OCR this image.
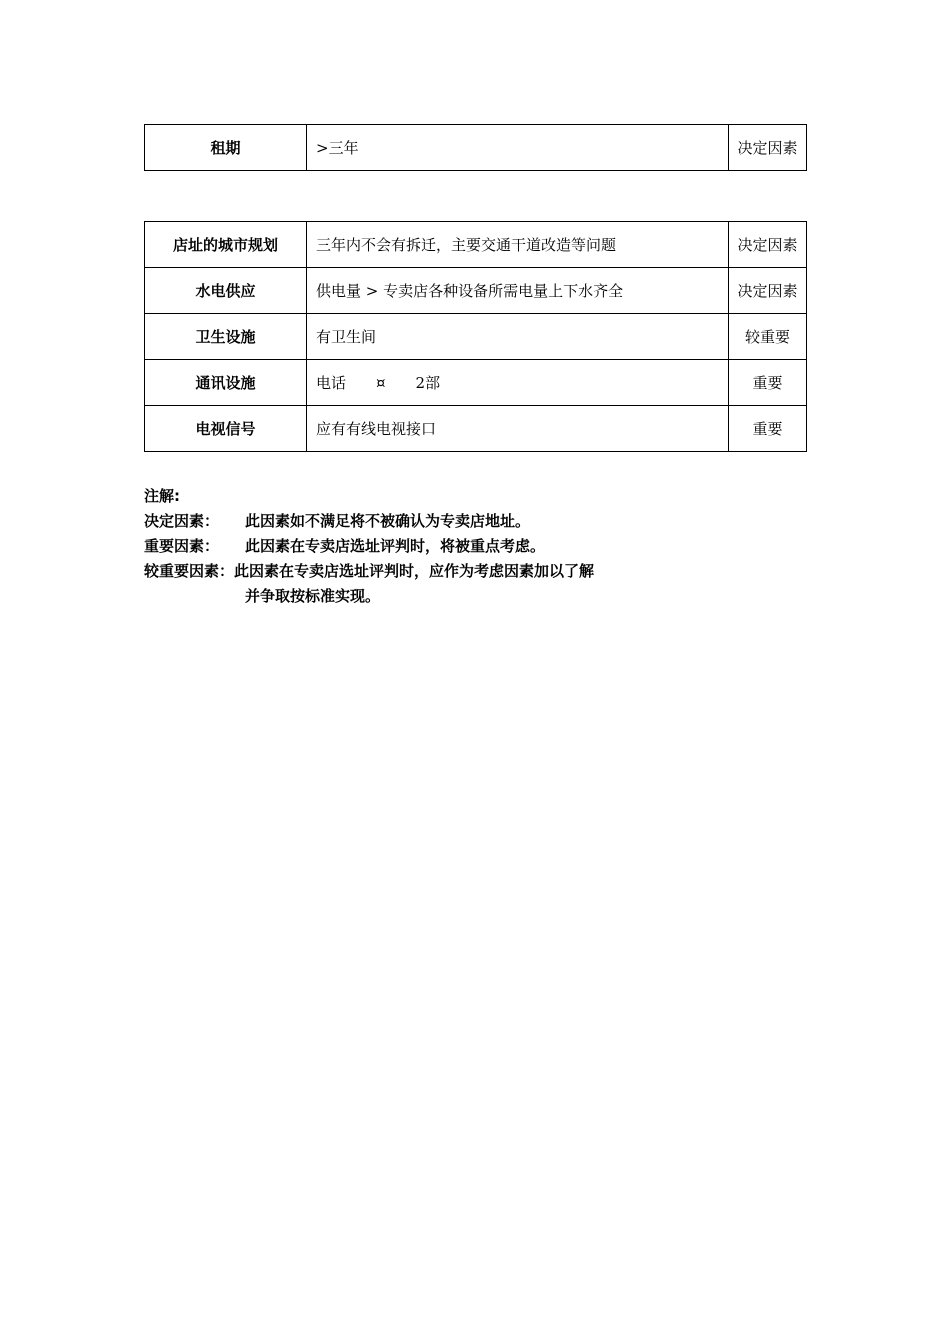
租期	>三年	决定因素
店址的城市规划	三年内不会有拆迁，主要交通干道改造等问题	决定因素
水电供应	供电量 > 专卖店各种设备所需电量上下水齐全	决定因素
卫生设施	有卫生间	较重要
通讯设施	电话　　¤　　2部	重要
电视信号	应有有线电视接口	重要
注解:
决定因素：	此因素如不满足将不被确认为专卖店地址。
重要因素：	此因素在专卖店选址评判时，将被重点考虑。
较重要因素： 此因素在专卖店选址评判时，应作为考虑因素加以了解
并争取按标准实现。
